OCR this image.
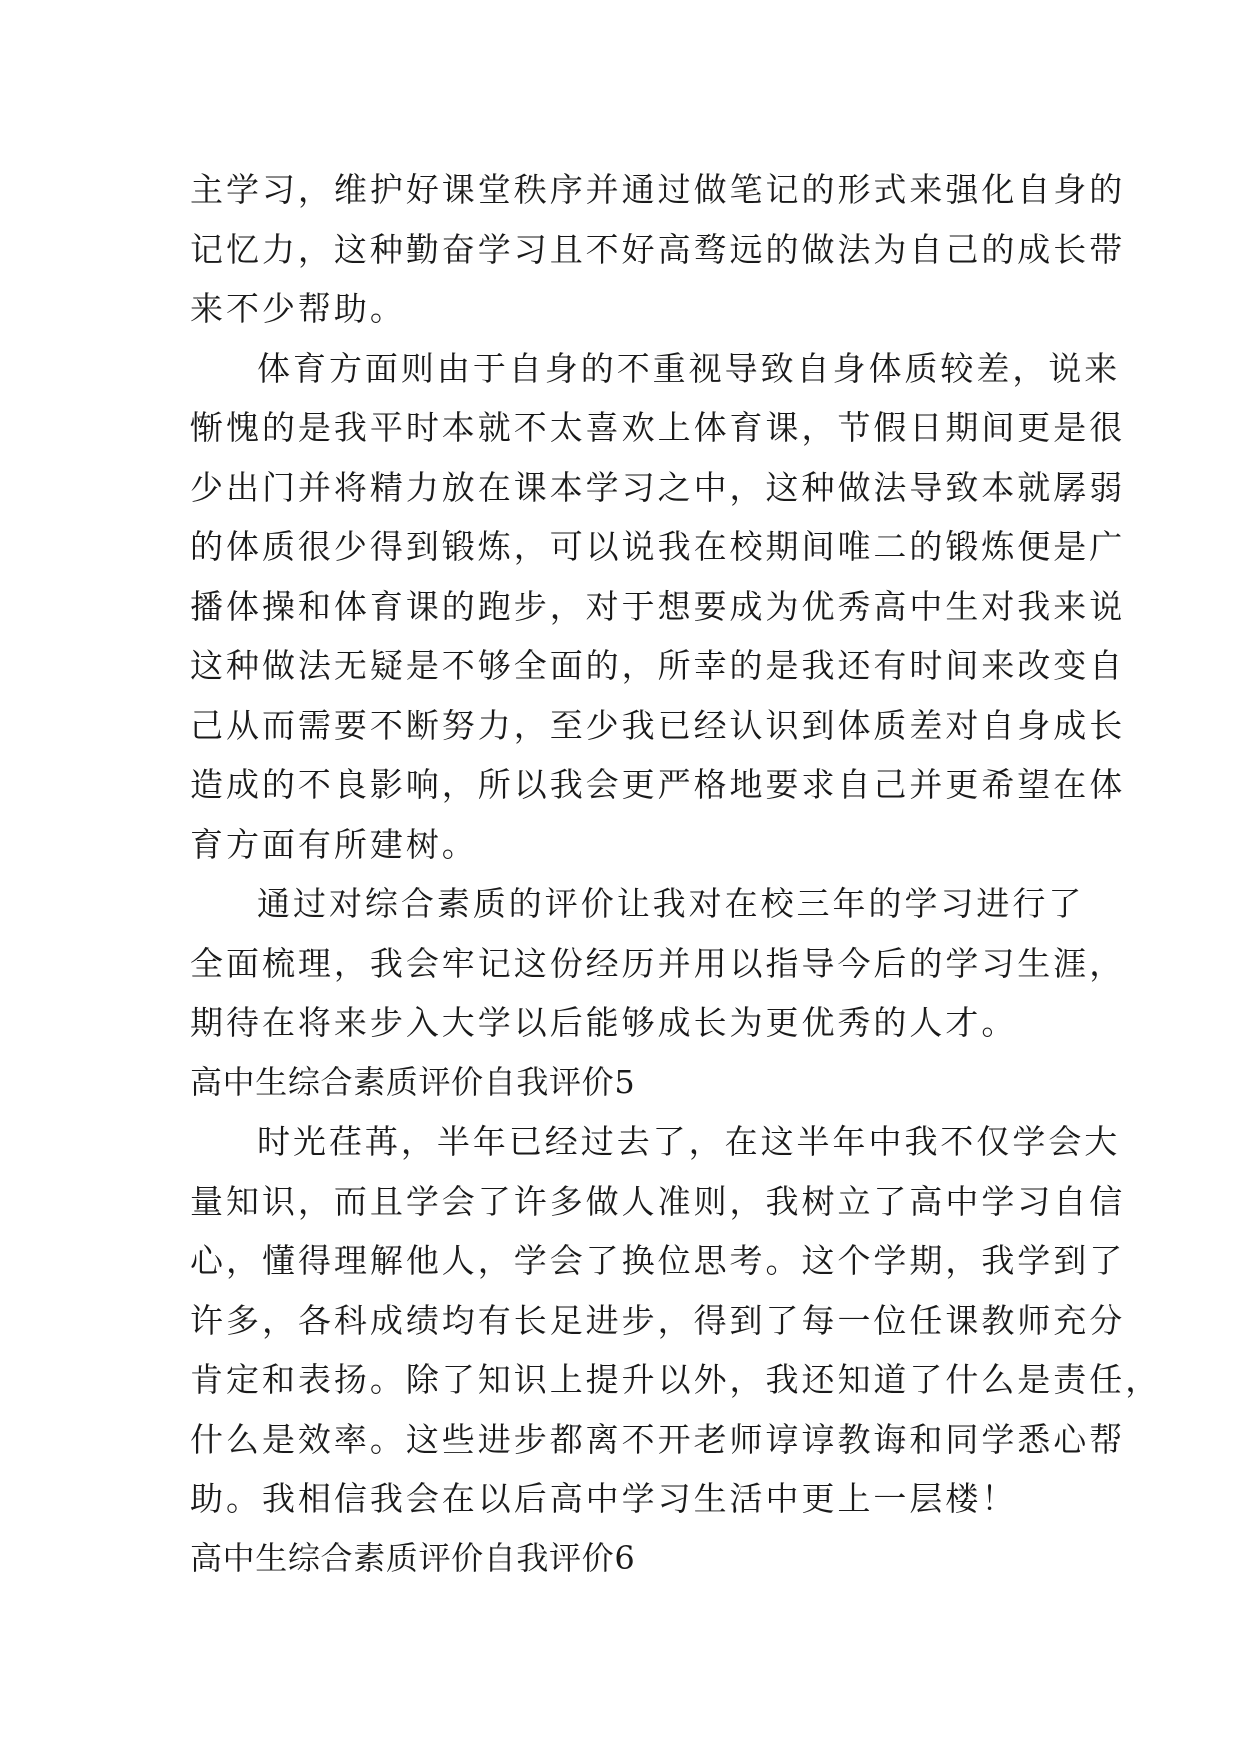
主学习，维护好课堂秩序并通过做笔记的形式来强化自身的
记忆力，这种勤奋学习且不好高骛远的做法为自己的成长带
来不少帮助。
体育方面则由于自身的不重视导致自身体质较差，说来
惭愧的是我平时本就不太喜欢上体育课，节假日期间更是很
少出门并将精力放在课本学习之中，这种做法导致本就孱弱
的体质很少得到锻炼，可以说我在校期间唯二的锻炼便是广
播体操和体育课的跑步，对于想要成为优秀高中生对我来说
这种做法无疑是不够全面的，所幸的是我还有时间来改变自
己从而需要不断努力，至少我已经认识到体质差对自身成长
造成的不良影响，所以我会更严格地要求自己并更希望在体
育方面有所建树。
通过对综合素质的评价让我对在校三年的学习进行了
全面梳理，我会牢记这份经历并用以指导今后的学习生涯，
期待在将来步入大学以后能够成长为更优秀的人才。
高中生综合素质评价自我评价5
时光荏苒，半年已经过去了，在这半年中我不仅学会大
量知识，而且学会了许多做人准则，我树立了高中学习自信
心，懂得理解他人，学会了换位思考。这个学期，我学到了
许多，各科成绩均有长足进步，得到了每一位任课教师充分
肯定和表扬。除了知识上提升以外，我还知道了什么是责任，
什么是效率。这些进步都离不开老师谆谆教诲和同学悉心帮
助。我相信我会在以后高中学习生活中更上一层楼！
高中生综合素质评价自我评价6
